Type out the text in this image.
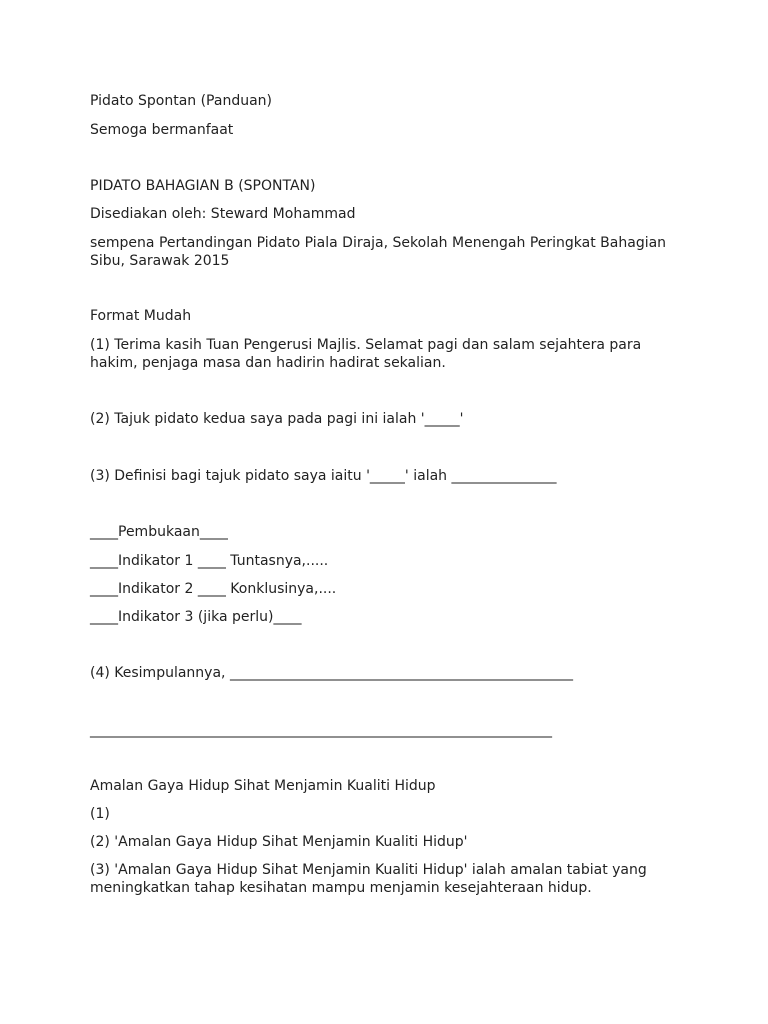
Pidato Spontan (Panduan)

Semoga bermanfaat

PIDATO BAHAGIAN B (SPONTAN)

Disediakan oleh: Steward Mohammad

sempena Pertandingan Pidato Piala Diraja, Sekolah Menengah Peringkat Bahagian Sibu, Sarawak 2015

Format Mudah

(1) Terima kasih Tuan Pengerusi Majlis. Selamat pagi dan salam sejahtera para hakim, penjaga masa dan hadirin hadirat sekalian.

(2) Tajuk pidato kedua saya pada pagi ini ialah '_____'

(3) Definisi bagi tajuk pidato saya iaitu '_____' ialah _______________

____Pembukaan____

____Indikator 1 ____ Tuntasnya,.....

____Indikator 2 ____ Konklusinya,....

____Indikator 3 (jika perlu)____

(4) Kesimpulannya, _________________________________________________

__________________________________________________________________

Amalan Gaya Hidup Sihat Menjamin Kualiti Hidup

(1)

(2) 'Amalan Gaya Hidup Sihat Menjamin Kualiti Hidup'

(3) 'Amalan Gaya Hidup Sihat Menjamin Kualiti Hidup' ialah amalan tabiat yang meningkatkan tahap kesihatan mampu menjamin kesejahteraan hidup.
